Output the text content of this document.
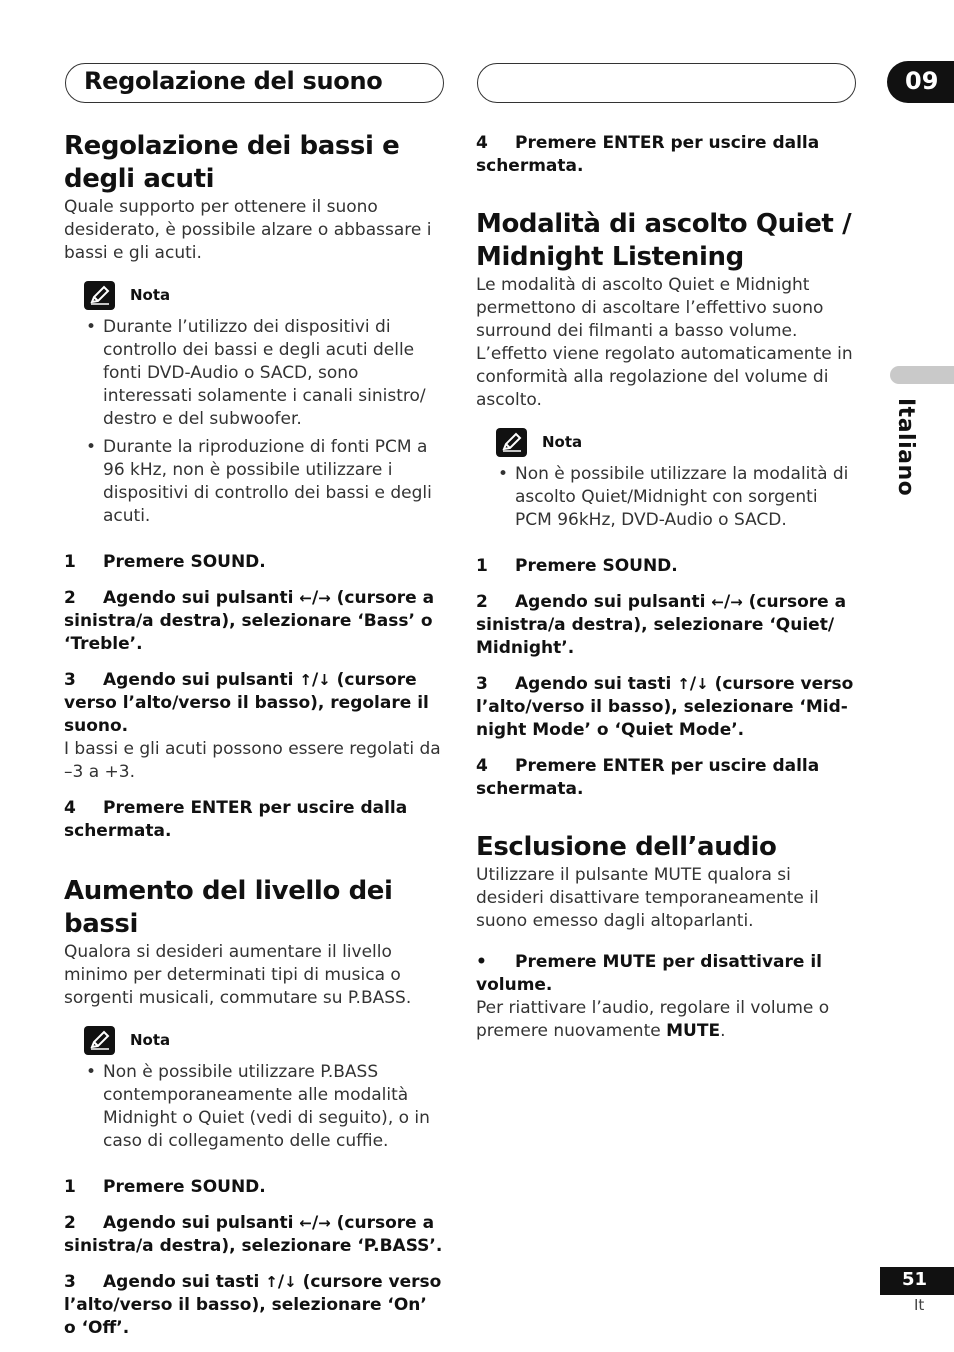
Regolazione del suono	09
Italiano
Regolazione dei bassi e degli acuti

Quale supporto per ottenere il suono desiderato, è possibile alzare o abbassare i bassi e gli acuti.

Nota

• Durante l’utilizzo dei dispositivi di controllo dei bassi e degli acuti delle fonti DVD-Audio o SACD, sono interessati solamente i canali sinistro/ destro e del subwoofer.

• Durante la riproduzione di fonti PCM a 96 kHz, non è possibile utilizzare i dispositivi di controllo dei bassi e degli acuti.

1 Premere SOUND.

2 Agendo sui pulsanti ←/→ (cursore a sinistra/a destra), selezionare ‘Bass’ o ‘Treble’.

3 Agendo sui pulsanti ↑/↓ (cursore verso l’alto/verso il basso), regolare il suono.

I bassi e gli acuti possono essere regolati da –3 a +3.

4 Premere ENTER per uscire dalla schermata.

Aumento del livello dei bassi

Qualora si desideri aumentare il livello minimo per determinati tipi di musica o sorgenti musicali, commutare su P.BASS.

Nota

• Non è possibile utilizzare P.BASS contemporaneamente alle modalità Midnight o Quiet (vedi di seguito), o in caso di collegamento delle cuffie.

1 Premere SOUND.

2 Agendo sui pulsanti ←/→ (cursore a sinistra/a destra), selezionare ‘P.BASS’.

3 Agendo sui tasti ↑/↓ (cursore verso l’alto/verso il basso), selezionare ‘On’ o ‘Off’.

4 Premere ENTER per uscire dalla schermata.

Modalità di ascolto Quiet / Midnight Listening

Le modalità di ascolto Quiet e Midnight permettono di ascoltare l’effettivo suono surround dei filmanti a basso volume. L’effetto viene regolato automaticamente in conformità alla regolazione del volume di ascolto.

Nota

• Non è possibile utilizzare la modalità di ascolto Quiet/Midnight con sorgenti PCM 96kHz, DVD-Audio o SACD.

1 Premere SOUND.

2 Agendo sui pulsanti ←/→ (cursore a sinistra/a destra), selezionare ‘Quiet/ Midnight’.

3 Agendo sui tasti ↑/↓ (cursore verso l’alto/verso il basso), selezionare ‘Mid-night Mode’ o ‘Quiet Mode’.

4 Premere ENTER per uscire dalla schermata.

Esclusione dell’audio

Utilizzare il pulsante MUTE qualora si desideri disattivare temporaneamente il suono emesso dagli altoparlanti.

• Premere MUTE per disattivare il volume.

Per riattivare l’audio, regolare il volume o premere nuovamente MUTE.

51
It
